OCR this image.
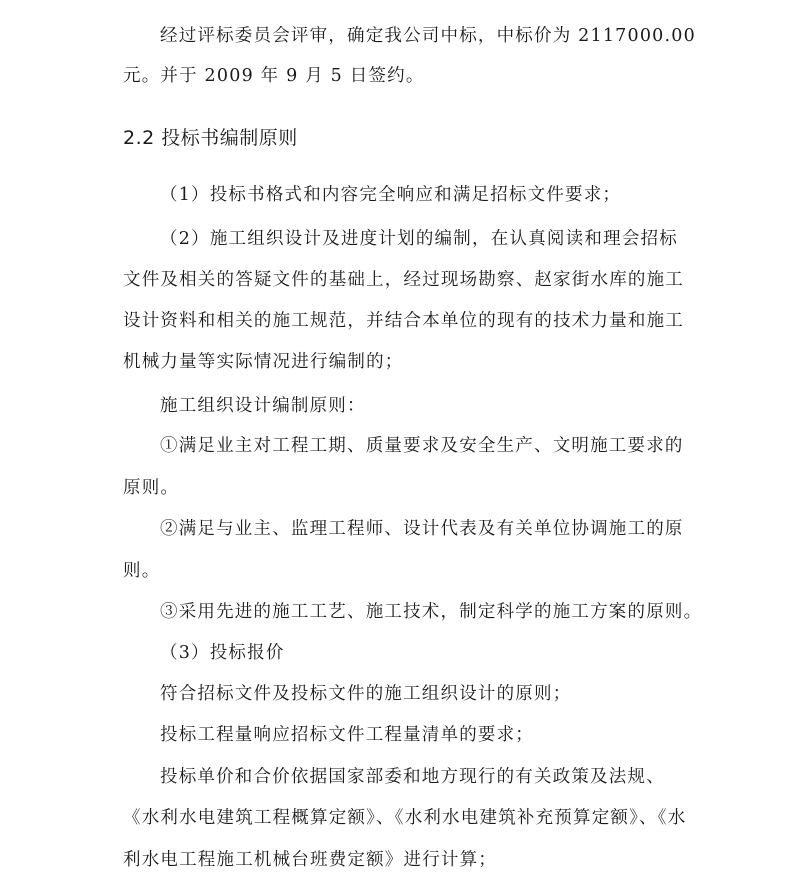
经过评标委员会评审，确定我公司中标，中标价为 2117000.00
元。并于 2009 年 9 月 5 日签约。
2.2 投标书编制原则
（1）投标书格式和内容完全响应和满足招标文件要求；
（2）施工组织设计及进度计划的编制，在认真阅读和理会招标
文件及相关的答疑文件的基础上，经过现场勘察、赵家街水库的施工
设计资料和相关的施工规范，并结合本单位的现有的技术力量和施工
机械力量等实际情况进行编制的；
施工组织设计编制原则：
①满足业主对工程工期、质量要求及安全生产、文明施工要求的
原则。
②满足与业主、监理工程师、设计代表及有关单位协调施工的原
则。
③采用先进的施工工艺、施工技术，制定科学的施工方案的原则。
（3）投标报价
符合招标文件及投标文件的施工组织设计的原则；
投标工程量响应招标文件工程量清单的要求；
投标单价和合价依据国家部委和地方现行的有关政策及法规、
《水利水电建筑工程概算定额》、《水利水电建筑补充预算定额》、《水
利水电工程施工机械台班费定额》进行计算；
